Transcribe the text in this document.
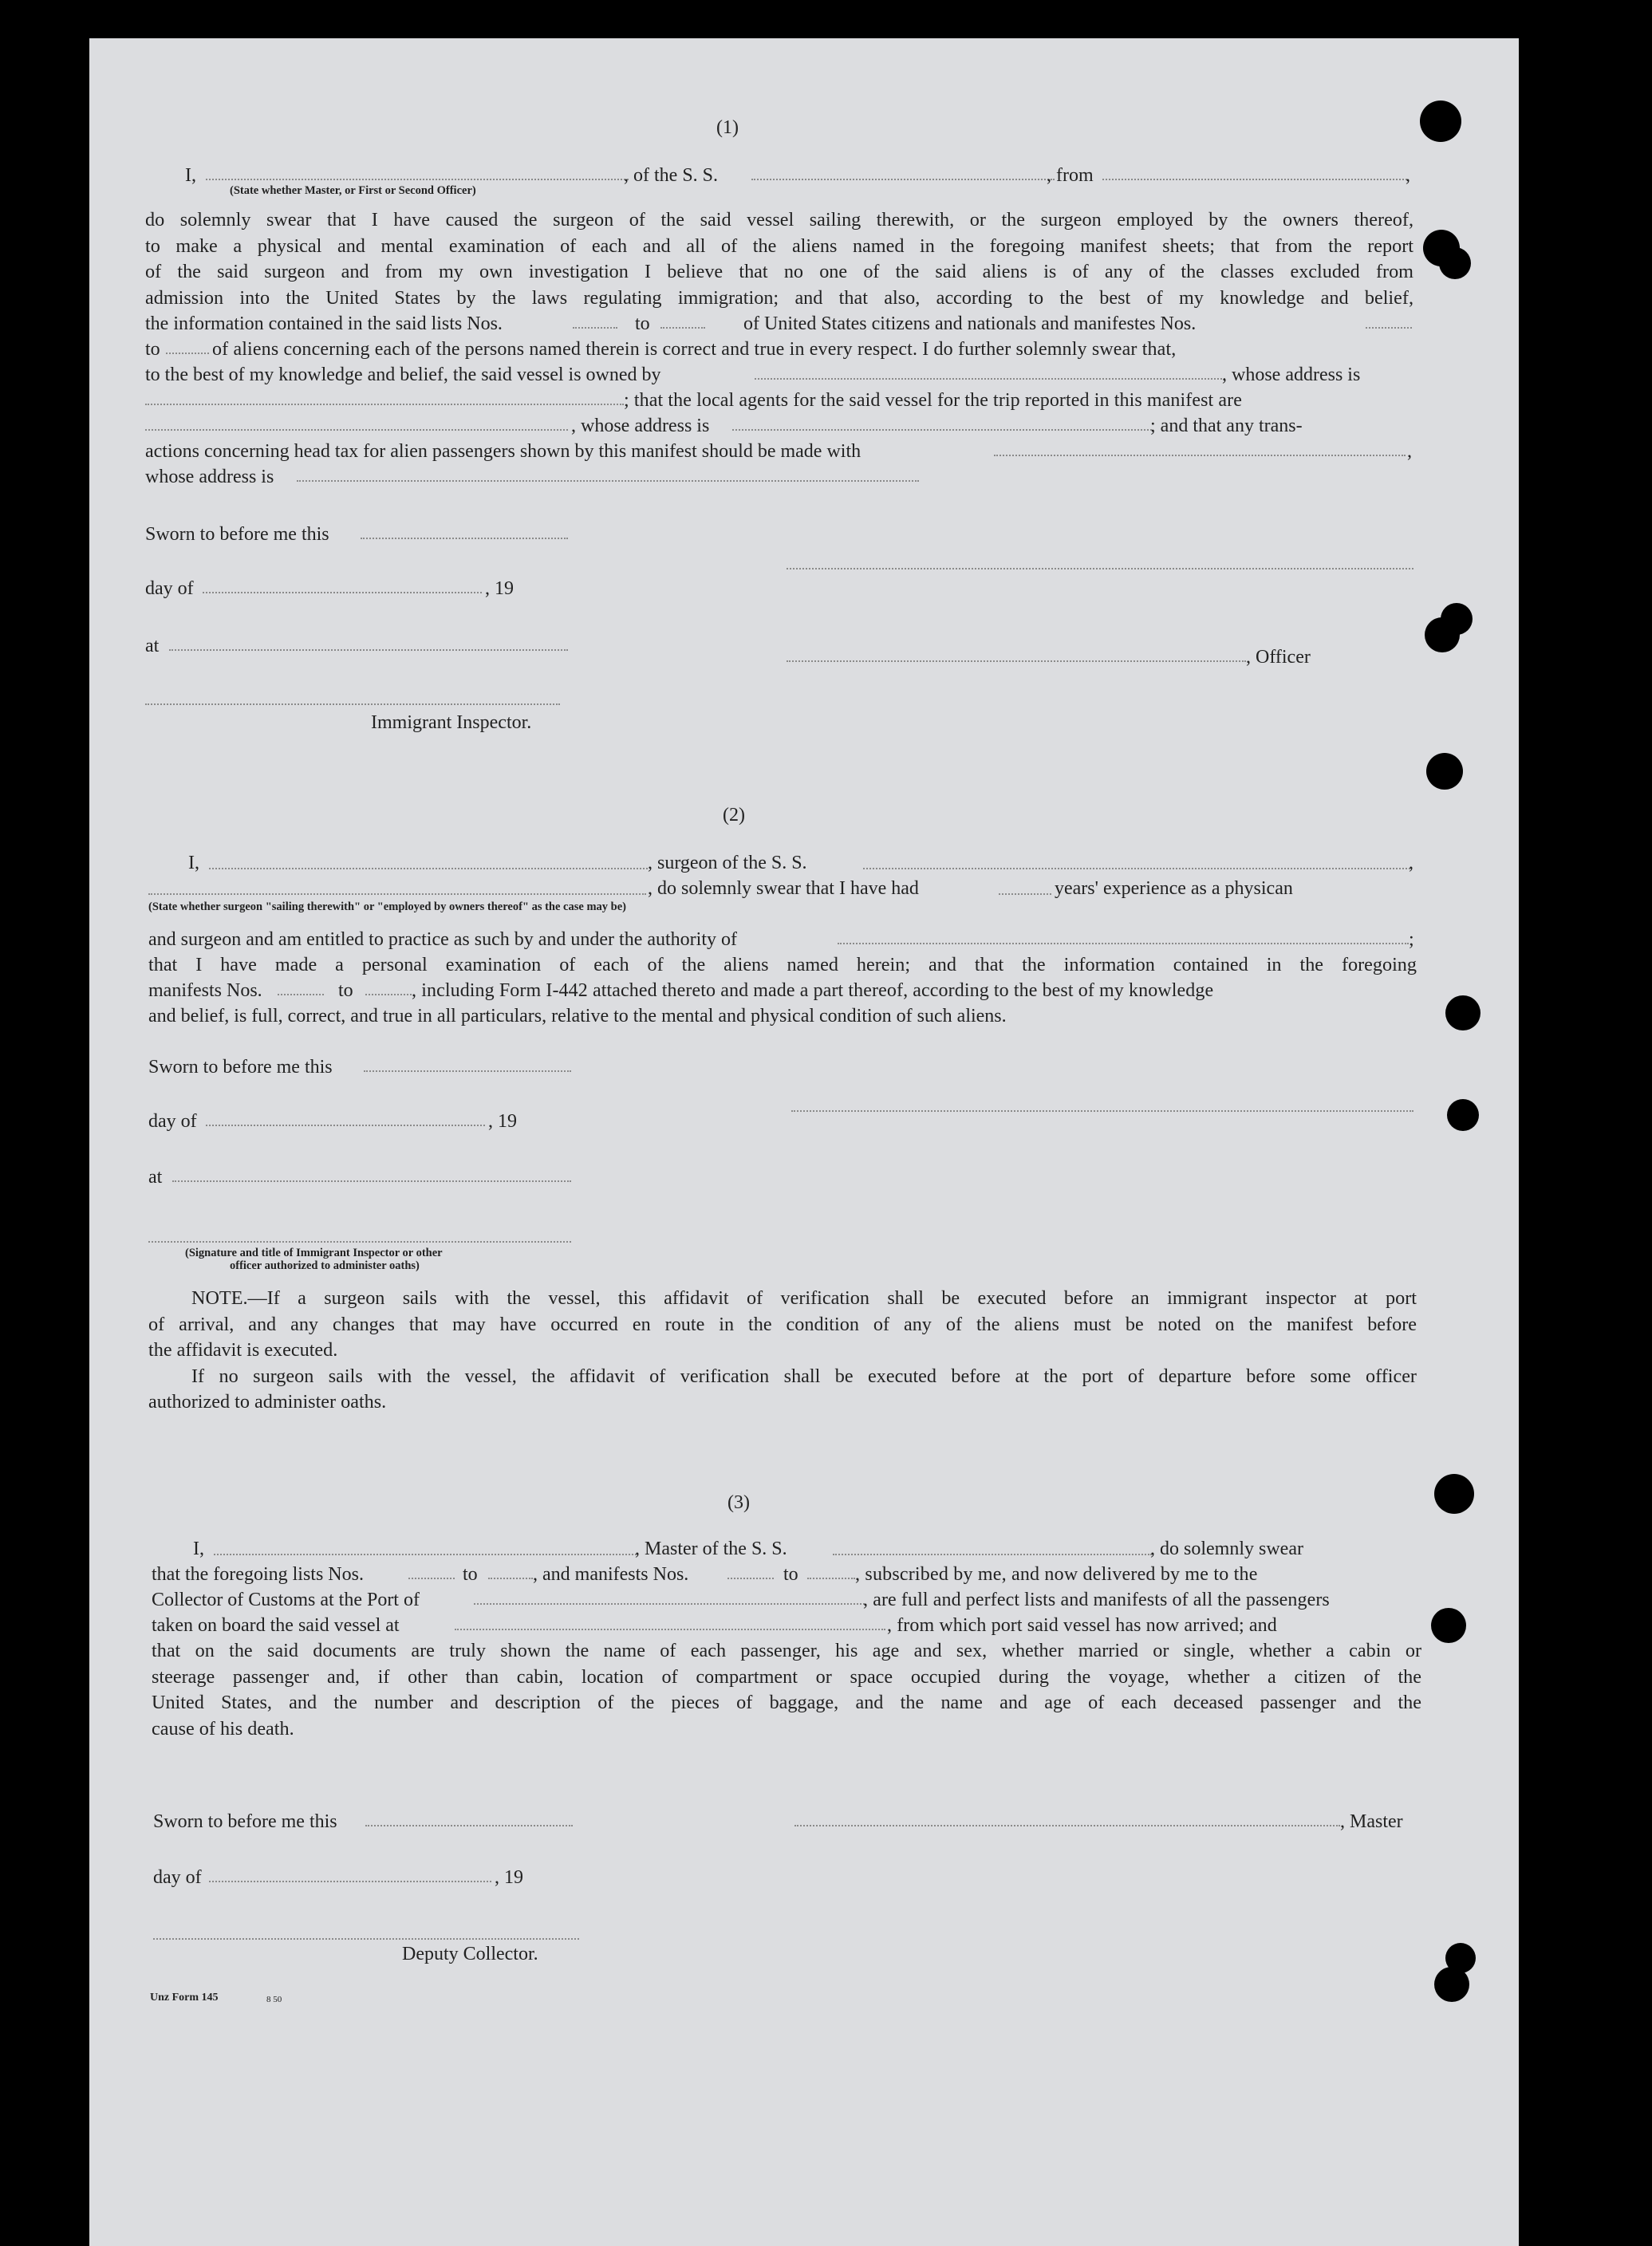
(1)
I,	, of the S. S.	, from	,
(State whether Master, or First or Second Officer)
do solemnly swear that I have caused the surgeon of the said vessel sailing therewith, or the surgeon employed by the owners thereof,
to make a physical and mental examination of each and all of the aliens named in the foregoing manifest sheets; that from the report
of the said surgeon and from my own investigation I believe that no one of the said aliens is of any of the classes excluded from
admission into the United States by the laws regulating immigration; and that also, according to the best of my knowledge and belief,
the information contained in the said lists Nos.	to	of United States citizens and nationals and manifestes Nos.
to	of aliens concerning each of the persons named therein is correct and true in every respect. I do further solemnly swear that,
to the best of my knowledge and belief, the said vessel is owned by	, whose address is
; that the local agents for the said vessel for the trip reported in this manifest are
, whose address is	; and that any trans-
actions concerning head tax for alien passengers shown by this manifest should be made with	,
whose address is
Sworn to before me this
day of	, 19
at
, Officer
Immigrant Inspector.
(2)
I,	, surgeon of the S. S.	,
, do solemnly swear that I have had	years' experience as a physican
(State whether surgeon "sailing therewith" or "employed by owners thereof" as the case may be)
and surgeon and am entitled to practice as such by and under the authority of	;
that I have made a personal examination of each of the aliens named herein; and that the information contained in the foregoing
manifests Nos.	to	, including Form I-442 attached thereto and made a part thereof, according to the best of my knowledge
and belief, is full, correct, and true in all particulars, relative to the mental and physical condition of such aliens.
Sworn to before me this
day of	, 19
at
(Signature and title of Immigrant Inspector or other
officer authorized to administer oaths)
NOTE.—If a surgeon sails with the vessel, this affidavit of verification shall be executed before an immigrant inspector at port
of arrival, and any changes that may have occurred en route in the condition of any of the aliens must be noted on the manifest before
the affidavit is executed.
If no surgeon sails with the vessel, the affidavit of verification shall be executed before at the port of departure before some officer
authorized to administer oaths.
(3)
I,	, Master of the S. S.	, do solemnly swear
that the foregoing lists Nos.	to	, and manifests Nos.	to	, subscribed by me, and now delivered by me to the
Collector of Customs at the Port of	, are full and perfect lists and manifests of all the passengers
taken on board the said vessel at	, from which port said vessel has now arrived; and
that on the said documents are truly shown the name of each passenger, his age and sex, whether married or single, whether a cabin or
steerage passenger and, if other than cabin, location of compartment or space occupied during the voyage, whether a citizen of the
United States, and the number and description of the pieces of baggage, and the name and age of each deceased passenger and the
cause of his death.
Sworn to before me this	, Master
day of	, 19
Deputy Collector.
Unz Form 145	8 50
